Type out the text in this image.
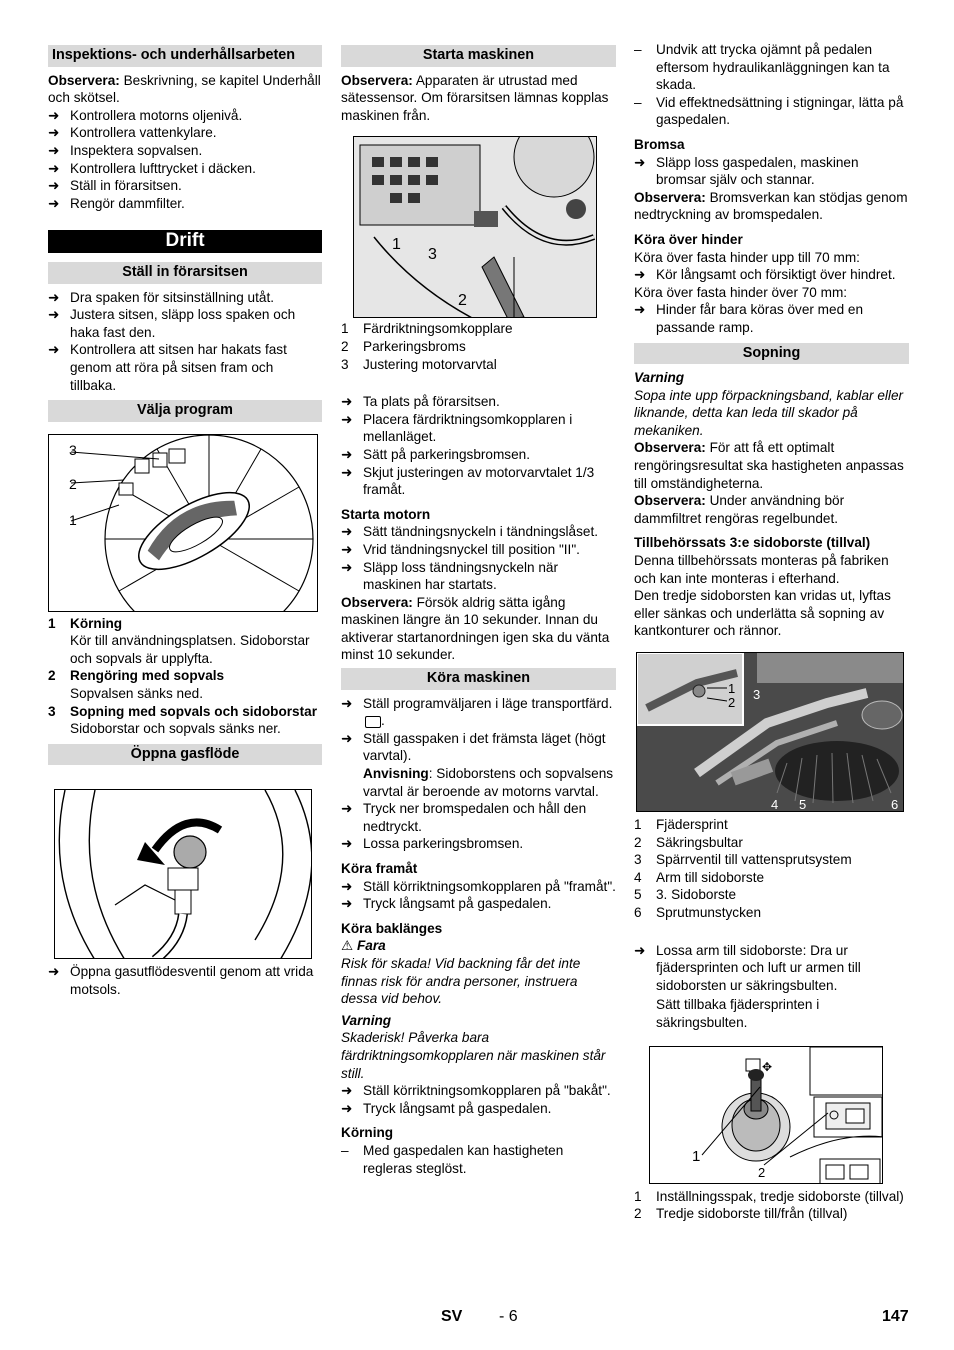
Inspektions- och underhållsarbeten
Observera: Beskrivning, se kapitel Underhåll och skötsel.
➜ Kontrollera motorns oljenivå.
➜ Kontrollera vattenkylare.
➜ Inspektera sopvalsen.
➜ Kontrollera lufttrycket i däcken.
➜ Ställ in förarsitsen.
➜ Rengör dammfilter.
Drift
Ställ in förarsitsen
➜ Dra spaken för sitsinställning utåt.
➜ Justera sitsen, släpp loss spaken och haka fast den.
➜ Kontrollera att sitsen har hakats fast genom att röra på sitsen fram och tillbaka.
Välja program
3
2
1
1	Körning
Kör till användningsplatsen. Sidoborstar och sopvals är upplyfta.
2	Rengöring med sopvals
Sopvalsen sänks ned.
3	Sopning med sopvals och sidoborstar
Sidoborstar och sopvals sänks ner.
Öppna gasflöde
➜ Öppna gasutflödesventil genom att vrida motsols.
Starta maskinen
Observera: Apparaten är utrustad med sätessensor. Om förarsitsen lämnas kopplas maskinen från.
1
3
2
1	Färdriktningsomkopplare
2	Parkeringsbroms
3	Justering motorvarvtal
➜ Ta plats på förarsitsen.
➜ Placera färdriktningsomkopplaren i mellanläget.
➜ Sätt på parkeringsbromsen.
➜ Skjut justeringen av motorvarvtalet 1/3 framåt.
Starta motorn
➜ Sätt tändningsnyckeln i tändningslåset.
➜ Vrid tändningsnyckel till position "II".
➜ Släpp loss tändningsnyckeln när maskinen har startats.
Observera: Försök aldrig sätta igång maskinen längre än 10 sekunder. Innan du aktiverar startanordningen igen ska du vänta minst 10 sekunder.
Köra maskinen
➜ Ställ programväljaren i läge transportfärd. .
➜ Ställ gasspaken i det främsta läget (högt varvtal).
Anvisning: Sidoborstens och sopvalsens varvtal är beroende av motorns varvtal.
➜ Tryck ner bromspedalen och håll den nedtryckt.
➜ Lossa parkeringsbromsen.
Köra framåt
➜ Ställ körriktningsomkopplaren på "framåt".
➜ Tryck långsamt på gaspedalen.
Köra baklänges
⚠ Fara
Risk för skada! Vid backning får det inte finnas risk för andra personer, instruera dessa vid behov.
Varning
Skaderisk! Påverka bara färdriktningsomkopplaren när maskinen står still.
➜ Ställ körriktningsomkopplaren på "bakåt".
➜ Tryck långsamt på gaspedalen.
Körning
– Med gaspedalen kan hastigheten regleras steglöst.
– Undvik att trycka ojämnt på pedalen eftersom hydraulikanläggningen kan ta skada.
– Vid effektnedsättning i stigningar, lätta på gaspedalen.
Bromsa
➜ Släpp loss gaspedalen, maskinen bromsar själv och stannar.
Observera: Bromsverkan kan stödjas genom nedtryckning av bromspedalen.
Köra över hinder
Köra över fasta hinder upp till 70 mm:
➜ Kör långsamt och försiktigt över hindret.
Köra över fasta hinder över 70 mm:
➜ Hinder får bara köras över med en passande ramp.
Sopning
Varning
Sopa inte upp förpackningsband, kablar eller liknande, detta kan leda till skador på mekaniken.
Observera: För att få ett optimalt rengöringsresultat ska hastigheten anpassas till omständigheterna.
Observera: Under användning bör dammfiltret rengöras regelbundet.
Tillbehörssats 3:e sidoborste (tillval)
Denna tillbehörssats monteras på fabriken och kan inte monteras i efterhand.
Den tredje sidoborsten kan vridas ut, lyftas eller sänkas och underlätta så sopning av kantkonturer och rännor.
1
2
3
4 5	6
1	Fjädersprint
2	Säkringsbultar
3	Spärrventil till vattensprutsystem
4	Arm till sidoborste
5	3. Sidoborste
6	Sprutmunstycken
➜ Lossa arm till sidoborste: Dra ur fjädersprinten och luft ur armen till sidoborsten ur säkringsbulten.
Sätt tillbaka fjädersprinten i säkringsbulten.
✥
1
2
1	Inställningsspak, tredje sidoborste (tillval)
2	Tredje sidoborste till/från (tillval)
SV - 6	147
